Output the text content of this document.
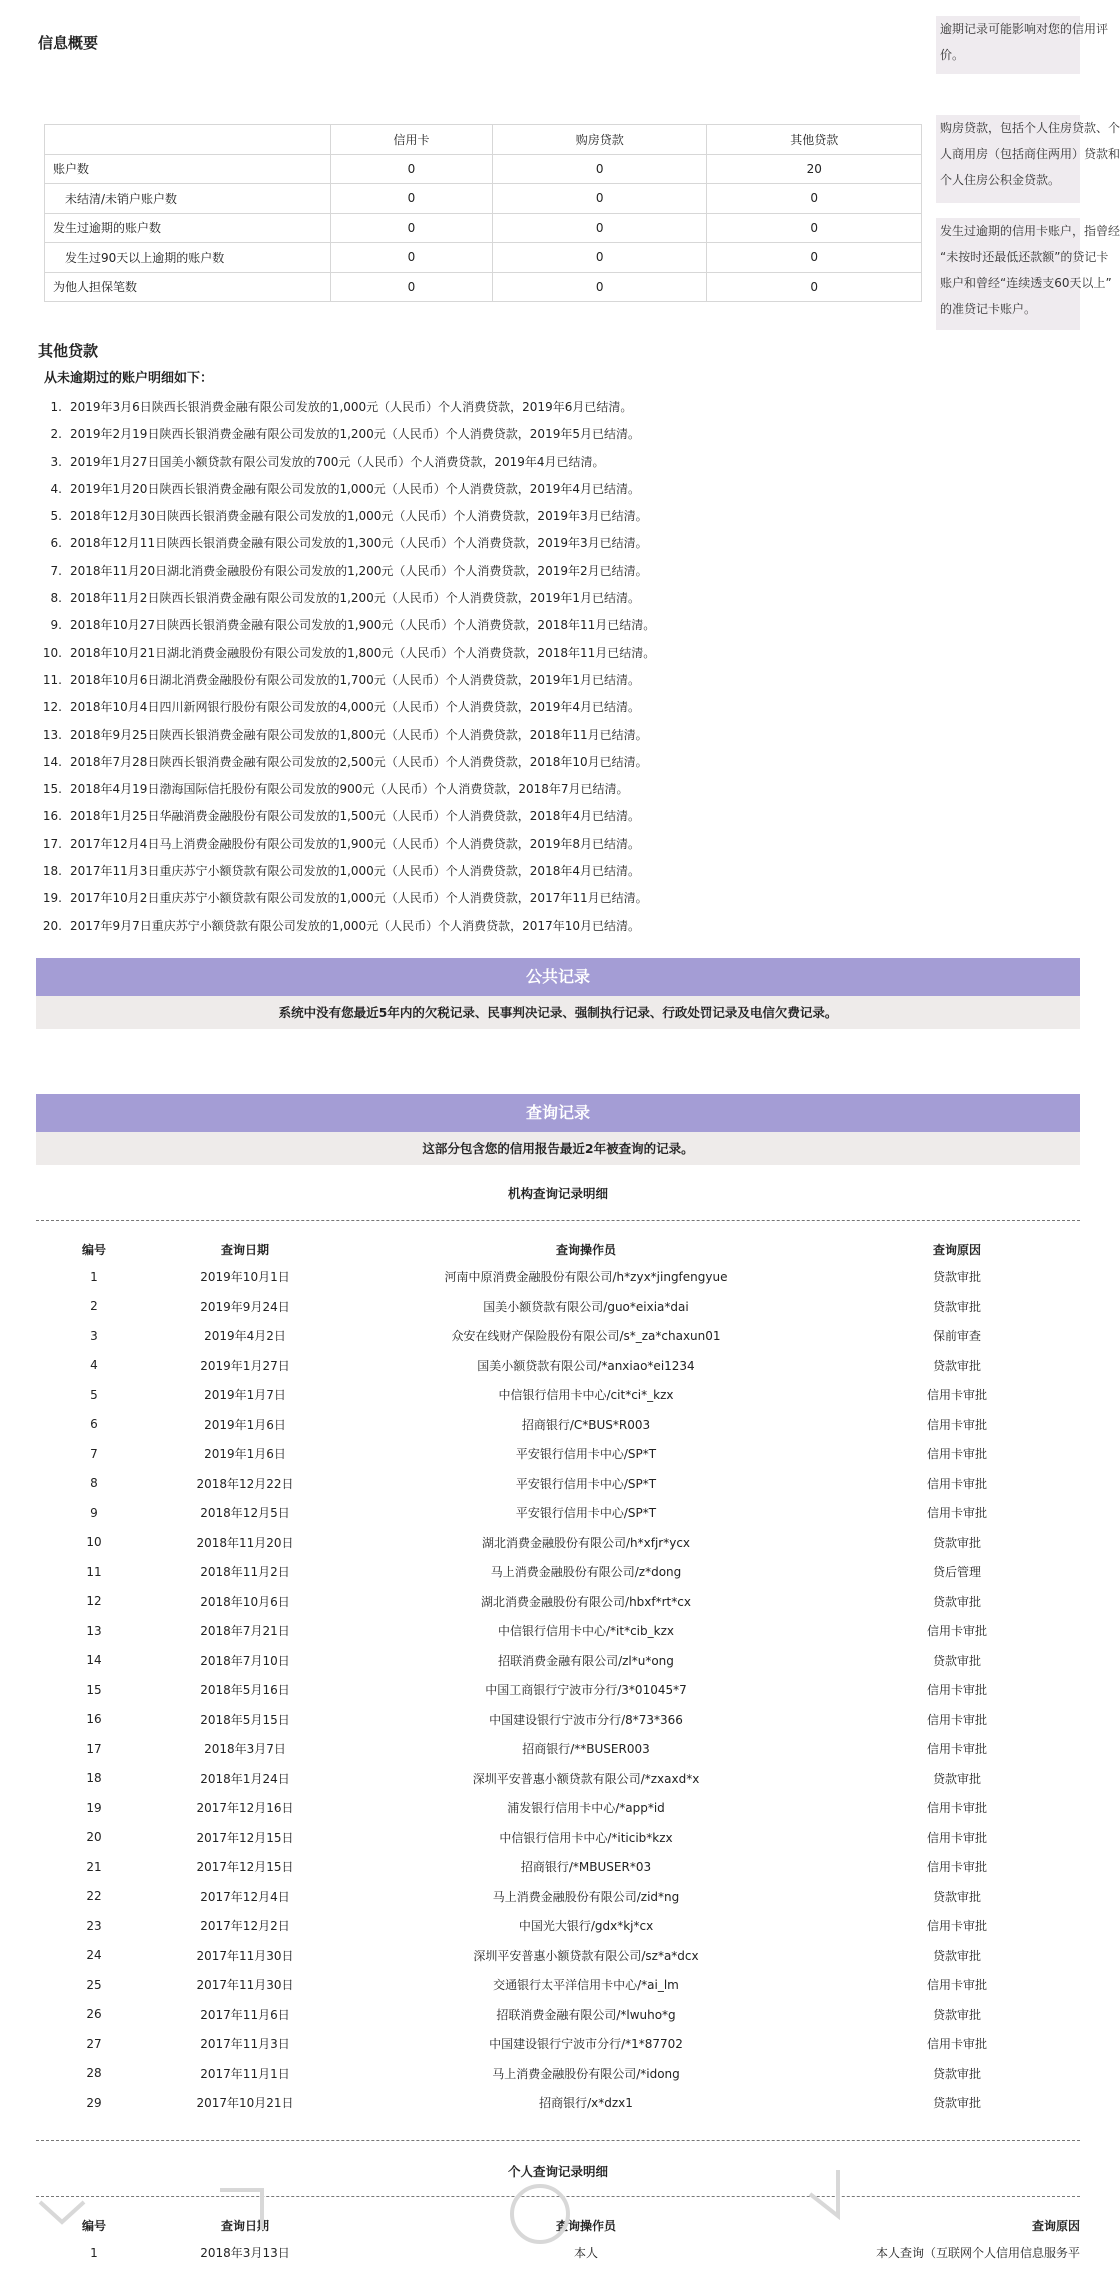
信息概要
逾期记录可能影响对您的信用评
价。
购房贷款，包括个人住房贷款、个
人商用房（包括商住两用）贷款和
个人住房公积金贷款。
发生过逾期的信用卡账户，指曾经
“未按时还最低还款额”的贷记卡
账户和曾经“连续透支60天以上”
的准贷记卡账户。
	信用卡	购房贷款	其他贷款
账户数	0	0	20
未结清/未销户账户数	0	0	0
发生过逾期的账户数	0	0	0
发生过90天以上逾期的账户数	0	0	0
为他人担保笔数	0	0	0
其他贷款
从未逾期过的账户明细如下：
1. 2019年3月6日陕西长银消费金融有限公司发放的1,000元（人民币）个人消费贷款，2019年6月已结清。
2. 2019年2月19日陕西长银消费金融有限公司发放的1,200元（人民币）个人消费贷款，2019年5月已结清。
3. 2019年1月27日国美小额贷款有限公司发放的700元（人民币）个人消费贷款，2019年4月已结清。
4. 2019年1月20日陕西长银消费金融有限公司发放的1,000元（人民币）个人消费贷款，2019年4月已结清。
5. 2018年12月30日陕西长银消费金融有限公司发放的1,000元（人民币）个人消费贷款，2019年3月已结清。
6. 2018年12月11日陕西长银消费金融有限公司发放的1,300元（人民币）个人消费贷款，2019年3月已结清。
7. 2018年11月20日湖北消费金融股份有限公司发放的1,200元（人民币）个人消费贷款，2019年2月已结清。
8. 2018年11月2日陕西长银消费金融有限公司发放的1,200元（人民币）个人消费贷款，2019年1月已结清。
9. 2018年10月27日陕西长银消费金融有限公司发放的1,900元（人民币）个人消费贷款，2018年11月已结清。
10. 2018年10月21日湖北消费金融股份有限公司发放的1,800元（人民币）个人消费贷款，2018年11月已结清。
11. 2018年10月6日湖北消费金融股份有限公司发放的1,700元（人民币）个人消费贷款，2019年1月已结清。
12. 2018年10月4日四川新网银行股份有限公司发放的4,000元（人民币）个人消费贷款，2019年4月已结清。
13. 2018年9月25日陕西长银消费金融有限公司发放的1,800元（人民币）个人消费贷款，2018年11月已结清。
14. 2018年7月28日陕西长银消费金融有限公司发放的2,500元（人民币）个人消费贷款，2018年10月已结清。
15. 2018年4月19日渤海国际信托股份有限公司发放的900元（人民币）个人消费贷款，2018年7月已结清。
16. 2018年1月25日华融消费金融股份有限公司发放的1,500元（人民币）个人消费贷款，2018年4月已结清。
17. 2017年12月4日马上消费金融股份有限公司发放的1,900元（人民币）个人消费贷款，2019年8月已结清。
18. 2017年11月3日重庆苏宁小额贷款有限公司发放的1,000元（人民币）个人消费贷款，2018年4月已结清。
19. 2017年10月2日重庆苏宁小额贷款有限公司发放的1,000元（人民币）个人消费贷款，2017年11月已结清。
20. 2017年9月7日重庆苏宁小额贷款有限公司发放的1,000元（人民币）个人消费贷款，2017年10月已结清。
公共记录
系统中没有您最近5年内的欠税记录、民事判决记录、强制执行记录、行政处罚记录及电信欠费记录。
查询记录
这部分包含您的信用报告最近2年被查询的记录。
机构查询记录明细
编号	查询日期	查询操作员	查询原因
1	2019年10月1日	河南中原消费金融股份有限公司/h*zyx*jingfengyue	贷款审批
2	2019年9月24日	国美小额贷款有限公司/guo*eixia*dai	贷款审批
3	2019年4月2日	众安在线财产保险股份有限公司/s*_za*chaxun01	保前审查
4	2019年1月27日	国美小额贷款有限公司/*anxiao*ei1234	贷款审批
5	2019年1月7日	中信银行信用卡中心/cit*ci*_kzx	信用卡审批
6	2019年1月6日	招商银行/C*BUS*R003	信用卡审批
7	2019年1月6日	平安银行信用卡中心/SP*T	信用卡审批
8	2018年12月22日	平安银行信用卡中心/SP*T	信用卡审批
9	2018年12月5日	平安银行信用卡中心/SP*T	信用卡审批
10	2018年11月20日	湖北消费金融股份有限公司/h*xfjr*ycx	贷款审批
11	2018年11月2日	马上消费金融股份有限公司/z*dong	贷后管理
12	2018年10月6日	湖北消费金融股份有限公司/hbxf*rt*cx	贷款审批
13	2018年7月21日	中信银行信用卡中心/*it*cib_kzx	信用卡审批
14	2018年7月10日	招联消费金融有限公司/zl*u*ong	贷款审批
15	2018年5月16日	中国工商银行宁波市分行/3*01045*7	信用卡审批
16	2018年5月15日	中国建设银行宁波市分行/8*73*366	信用卡审批
17	2018年3月7日	招商银行/**BUSER003	信用卡审批
18	2018年1月24日	深圳平安普惠小额贷款有限公司/*zxaxd*x	贷款审批
19	2017年12月16日	浦发银行信用卡中心/*app*id	信用卡审批
20	2017年12月15日	中信银行信用卡中心/*iticib*kzx	信用卡审批
21	2017年12月15日	招商银行/*MBUSER*03	信用卡审批
22	2017年12月4日	马上消费金融股份有限公司/zid*ng	贷款审批
23	2017年12月2日	中国光大银行/gdx*kj*cx	信用卡审批
24	2017年11月30日	深圳平安普惠小额贷款有限公司/sz*a*dcx	贷款审批
25	2017年11月30日	交通银行太平洋信用卡中心/*ai_lm	信用卡审批
26	2017年11月6日	招联消费金融有限公司/*lwuho*g	贷款审批
27	2017年11月3日	中国建设银行宁波市分行/*1*87702	信用卡审批
28	2017年11月1日	马上消费金融股份有限公司/*idong	贷款审批
29	2017年10月21日	招商银行/x*dzx1	贷款审批
个人查询记录明细
编号	查询日期	查询操作员	查询原因
1	2018年3月13日	本人	本人查询（互联网个人信用信息服务平
